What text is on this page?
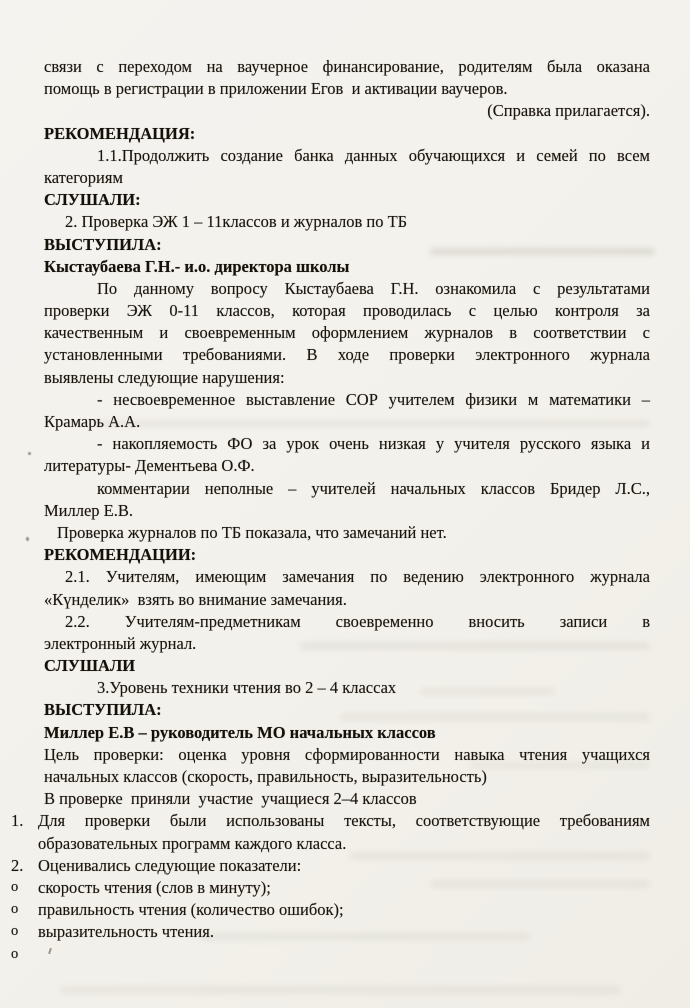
связи с переходом на ваучерное финансирование, родителям была оказана
помощь в регистрации в приложении Егов  и активации ваучеров.
(Справка прилагается).
РЕКОМЕНДАЦИЯ:
1.1.Продолжить создание банка данных обучающихся и семей по всем
категориям
СЛУШАЛИ:
2. Проверка ЭЖ 1 – 11классов и журналов по ТБ
ВЫСТУПИЛА:
Кыстаубаева Г.Н.- и.о. директора школы
По данному вопросу Кыстаубаева Г.Н. ознакомила с результатами
проверки ЭЖ 0-11 классов, которая проводилась с целью контроля за
качественным и своевременным оформлением журналов в соответствии с
установленными требованиями. В ходе проверки электронного журнала
выявлены следующие нарушения:
- несвоевременное выставление СОР учителем физики м математики –
Крамарь А.А.
- накопляемость ФО за урок очень низкая у учителя русского языка и
литературы- Дементьева О.Ф.
комментарии неполные – учителей начальных классов Бридер Л.С.,
Миллер Е.В.
Проверка журналов по ТБ показала, что замечаний нет.
РЕКОМЕНДАЦИИ:
2.1. Учителям, имеющим замечания по ведению электронного журнала
«Күнделик»  взять во внимание замечания.
2.2. Учителям-предметникам своевременно вносить записи в
электронный журнал.
СЛУШАЛИ
3.Уровень техники чтения во 2 – 4 классах
ВЫСТУПИЛА:
Миллер Е.В – руководитель МО начальных классов
Цель проверки: оценка уровня сформированности навыка чтения учащихся
начальных классов (скорость, правильность, выразительность)
В проверке  приняли  участие  учащиеся 2–4 классов
1. Для проверки были использованы тексты, соответствующие требованиям
образовательных программ каждого класса.
2. Оценивались следующие показатели:
o	скорость чтения (слов в минуту);
o	правильность чтения (количество ошибок);
o	выразительность чтения.
o
